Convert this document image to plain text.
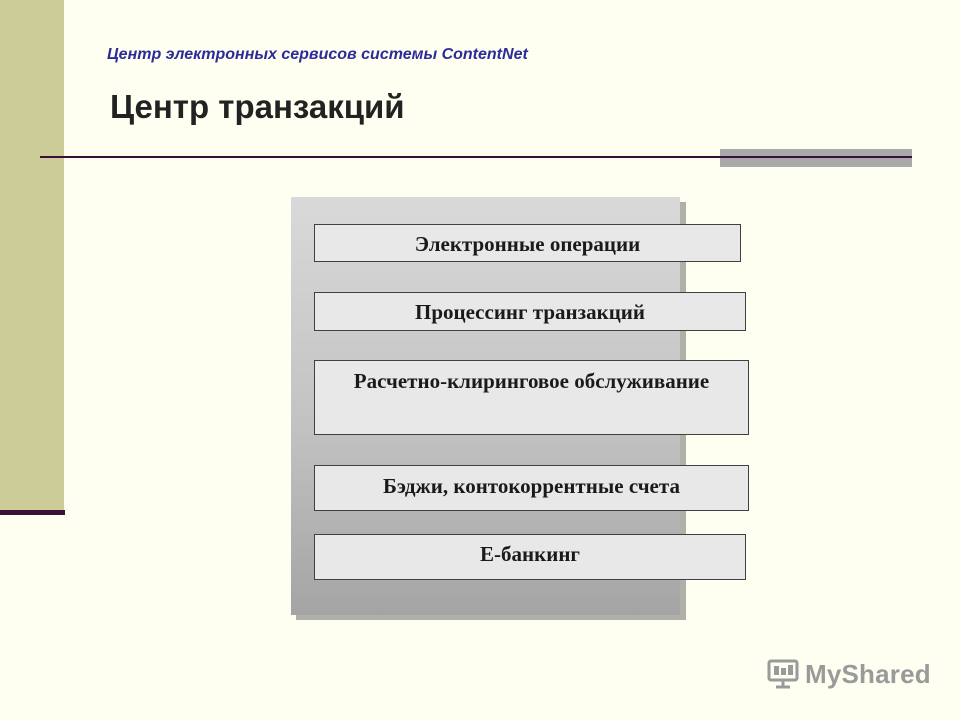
Центр электронных сервисов системы ContentNet
Центр транзакций
Электронные операции
Процессинг транзакций
Расчетно-клиринговое обслуживание
Бэджи, контокоррентные счета
Е-банкинг
MyShared
